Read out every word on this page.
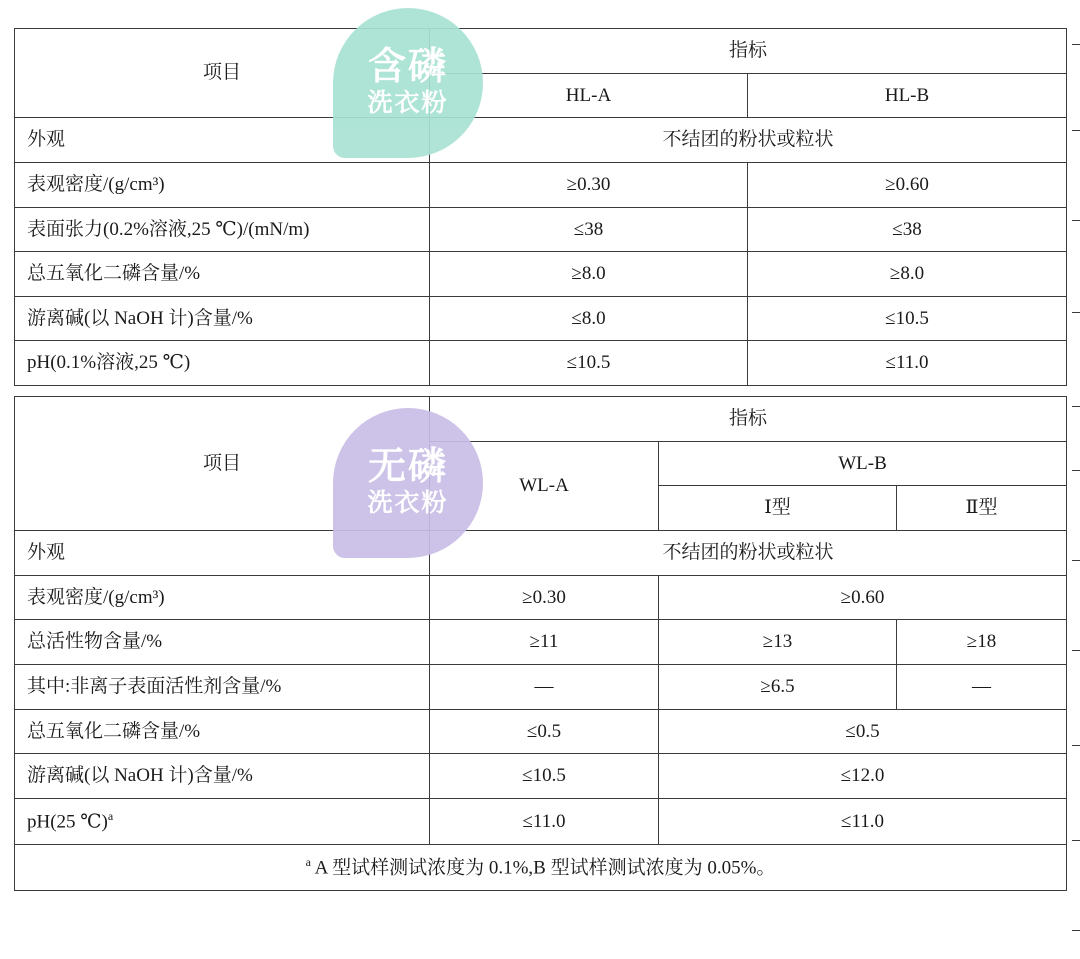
项目	指标	
	HL-A	HL-B
外观	不结团的粉状或粒状	
表观密度/(g/cm³)	≥0.30	≥0.60
表面张力(0.2%溶液,25 ℃)/(mN/m)	≤38	≤38
总五氧化二磷含量/%	≥8.0	≥8.0
游离碱(以 NaOH 计)含量/%	≤8.0	≤10.5
pH(0.1%溶液,25 ℃)	≤10.5	≤11.0
项目	指标		
	WL-A	WL-B	
		Ⅰ型	Ⅱ型
外观	不结团的粉状或粒状		
表观密度/(g/cm³)	≥0.30	≥0.60	
总活性物含量/%	≥11	≥13	≥18
其中:非离子表面活性剂含量/%	—	≥6.5	—
总五氧化二磷含量/%	≤0.5	≤0.5	
游离碱(以 NaOH 计)含量/%	≤10.5	≤12.0	
pH(25 ℃)$^a$	≤11.0	≤11.0	
$^a$ A 型试样测试浓度为 0.1%,B 型试样测试浓度为 0.05%。			
含磷
洗衣粉
无磷
洗衣粉
